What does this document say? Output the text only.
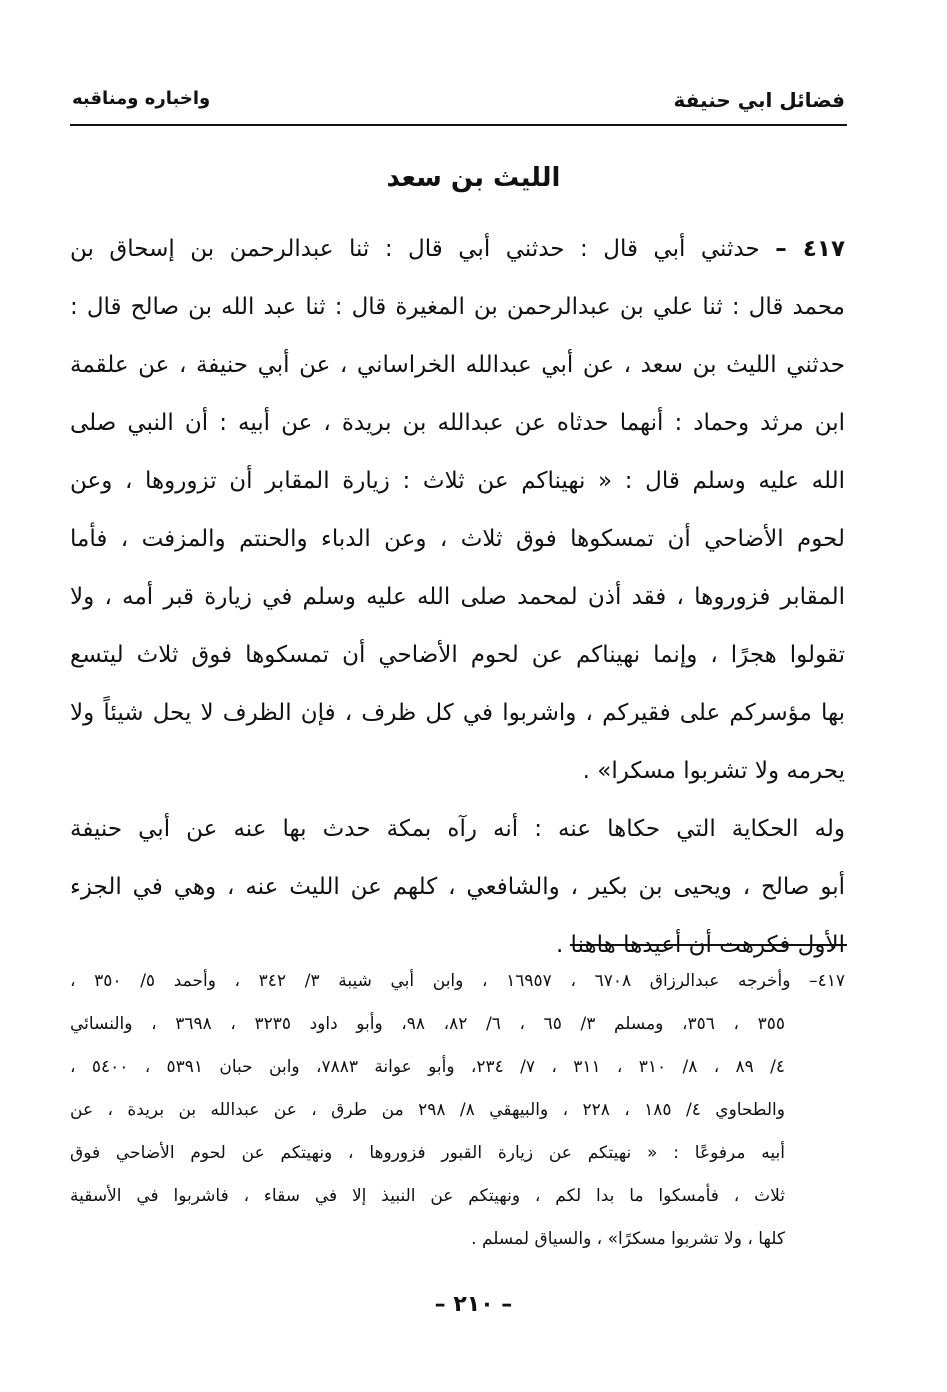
فضائل ابي حنيفة
واخباره ومناقبه
الليث بن سعد
٤١٧ – حدثني أبي قال : حدثني أبي قال : ثنا عبدالرحمن بن إسحاق بن
محمد قال : ثنا علي بن عبدالرحمن بن المغيرة قال : ثنا عبد الله بن صالح قال :
حدثني الليث بن سعد ، عن أبي عبدالله الخراساني ، عن أبي حنيفة ، عن علقمة
ابن مرثد وحماد : أنهما حدثاه عن عبدالله بن بريدة ، عن أبيه : أن النبي صلى
الله عليه وسلم قال : « نهيناكم عن ثلاث : زيارة المقابر أن تزوروها ، وعن
لحوم الأضاحي أن تمسكوها فوق ثلاث ، وعن الدباء والحنتم والمزفت ، فأما
المقابر فزوروها ، فقد أذن لمحمد صلى الله عليه وسلم في زيارة قبر أمه ، ولا
تقولوا هجرًا ، وإنما نهيناكم عن لحوم الأضاحي أن تمسكوها فوق ثلاث ليتسع
بها مؤسركم على فقيركم ، واشربوا في كل ظرف ، فإن الظرف لا يحل شيئاً ولا
يحرمه ولا تشربوا مسكرا» .
وله الحكاية التي حكاها عنه : أنه رآه بمكة حدث بها عنه عن أبي حنيفة
أبو صالح ، ويحيى بن بكير ، والشافعي ، كلهم عن الليث عنه ، وهي في الجزء
الأول فكرهت أن أعيدها هاهنا .
٤١٧– وأخرجه عبدالرزاق ٦٧٠٨ ، ١٦٩٥٧ ، وابن أبي شيبة ٣/ ٣٤٢ ، وأحمد ٥/ ٣٥٠ ،
٣٥٥ ، ٣٥٦، ومسلم ٣/ ٦٥ ، ٦/ ٨٢، ٩٨، وأبو داود ٣٢٣٥ ، ٣٦٩٨ ، والنسائي
٤/ ٨٩ ، ٨/ ٣١٠ ، ٣١١ ، ٧/ ٢٣٤، وأبو عوانة ٧٨٨٣، وابن حبان ٥٣٩١ ، ٥٤٠٠ ،
والطحاوي ٤/ ١٨٥ ، ٢٢٨ ، والبيهقي ٨/ ٢٩٨ من طرق ، عن عبدالله بن بريدة ، عن
أبيه مرفوعًا : « نهيتكم عن زيارة القبور فزوروها ، ونهيتكم عن لحوم الأضاحي فوق
ثلاث ، فأمسكوا ما بدا لكم ، ونهيتكم عن النبيذ إلا في سقاء ، فاشربوا في الأسقية
كلها ، ولا تشربوا مسكرًا» ، والسياق لمسلم .
– ٢١٠ –
